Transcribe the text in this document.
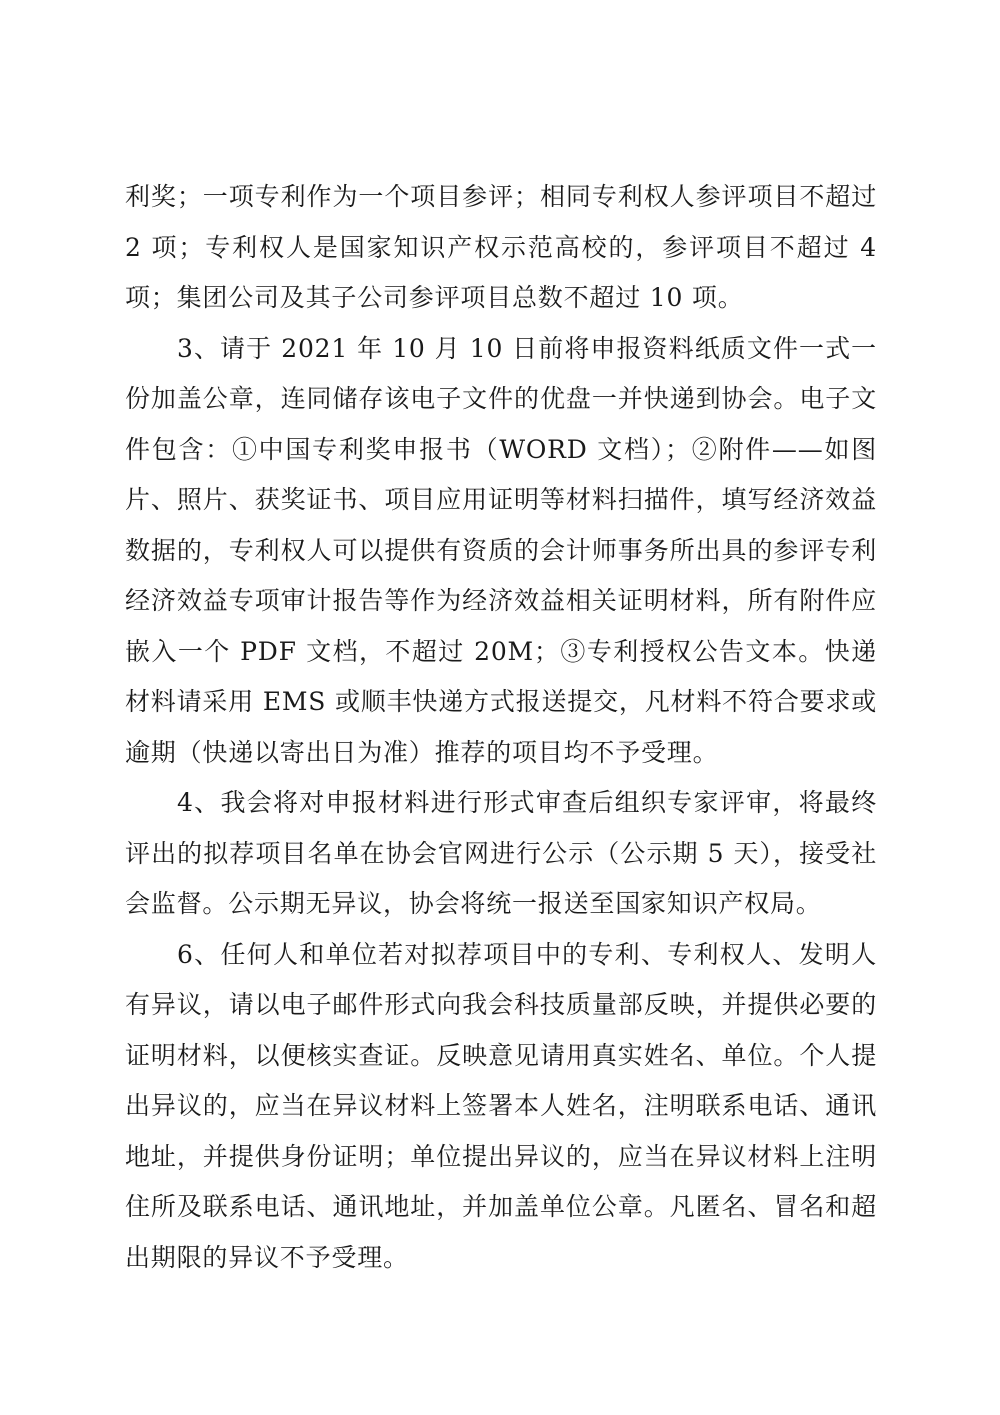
利奖；一项专利作为一个项目参评；相同专利权人参评项目不超过 2 项；专利权人是国家知识产权示范高校的，参评项目不超过 4 项；集团公司及其子公司参评项目总数不超过 10 项。

3、请于 2021 年 10 月 10 日前将申报资料纸质文件一式一份加盖公章，连同储存该电子文件的优盘一并快递到协会。电子文件包含：①中国专利奖申报书（WORD 文档）；②附件——如图片、照片、获奖证书、项目应用证明等材料扫描件，填写经济效益数据的，专利权人可以提供有资质的会计师事务所出具的参评专利经济效益专项审计报告等作为经济效益相关证明材料，所有附件应嵌入一个 PDF 文档，不超过 20M；③专利授权公告文本。快递材料请采用 EMS 或顺丰快递方式报送提交，凡材料不符合要求或逾期（快递以寄出日为准）推荐的项目均不予受理。

4、我会将对申报材料进行形式审查后组织专家评审，将最终评出的拟荐项目名单在协会官网进行公示（公示期 5 天），接受社会监督。公示期无异议，协会将统一报送至国家知识产权局。

6、任何人和单位若对拟荐项目中的专利、专利权人、发明人有异议，请以电子邮件形式向我会科技质量部反映，并提供必要的证明材料，以便核实查证。反映意见请用真实姓名、单位。个人提出异议的，应当在异议材料上签署本人姓名，注明联系电话、通讯地址，并提供身份证明；单位提出异议的，应当在异议材料上注明住所及联系电话、通讯地址，并加盖单位公章。凡匿名、冒名和超出期限的异议不予受理。
